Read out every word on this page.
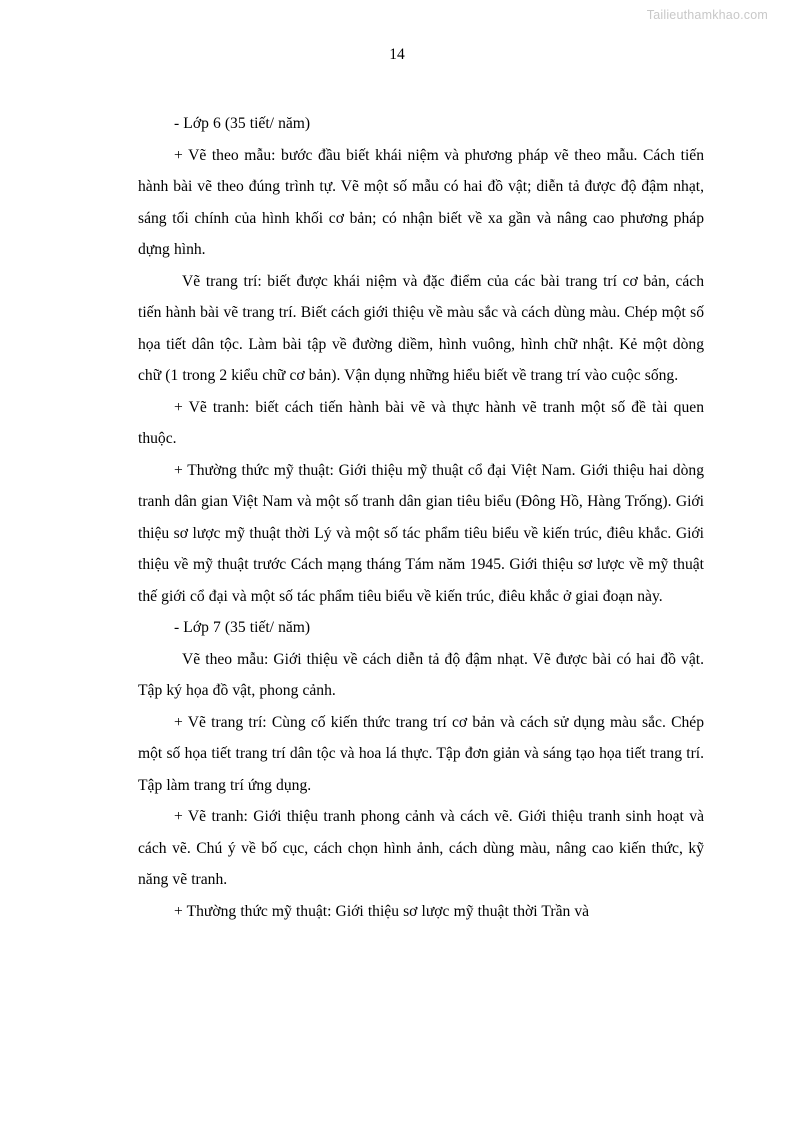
Tailieuthamkhao.com
14

- Lớp 6 (35 tiết/ năm)

+ Vẽ theo mẫu: bước đầu biết khái niệm và phương pháp vẽ theo mẫu. Cách tiến hành bài vẽ theo đúng trình tự. Vẽ một số mẫu có hai đồ vật; diễn tả được độ đậm nhạt, sáng tối chính của hình khối cơ bản; có nhận biết về xa gần và nâng cao phương pháp dựng hình.

Vẽ trang trí: biết được khái niệm và đặc điểm của các bài trang trí cơ bản, cách tiến hành bài vẽ trang trí. Biết cách giới thiệu về màu sắc và cách dùng màu. Chép một số họa tiết dân tộc. Làm bài tập về đường diềm, hình vuông, hình chữ nhật. Kẻ một dòng chữ (1 trong 2 kiểu chữ cơ bản). Vận dụng những hiểu biết về trang trí vào cuộc sống.

+ Vẽ tranh: biết cách tiến hành bài vẽ và thực hành vẽ tranh một số đề tài quen thuộc.

+ Thường thức mỹ thuật: Giới thiệu mỹ thuật cổ đại Việt Nam. Giới thiệu hai dòng tranh dân gian Việt Nam và một số tranh dân gian tiêu biểu (Đông Hồ, Hàng Trống). Giới thiệu sơ lược mỹ thuật thời Lý và một số tác phẩm tiêu biểu về kiến trúc, điêu khắc. Giới thiệu về mỹ thuật trước Cách mạng tháng Tám năm 1945. Giới thiệu sơ lược về mỹ thuật thế giới cổ đại và một số tác phẩm tiêu biểu về kiến trúc, điêu khắc ở giai đoạn này.

- Lớp 7 (35 tiết/ năm)

Vẽ theo mẫu: Giới thiệu về cách diễn tả độ đậm nhạt. Vẽ được bài có hai đồ vật. Tập ký họa đồ vật, phong cảnh.

+ Vẽ trang trí: Cùng cố kiến thức trang trí cơ bản và cách sử dụng màu sắc. Chép một số họa tiết trang trí dân tộc và hoa lá thực. Tập đơn giản và sáng tạo họa tiết trang trí. Tập làm trang trí ứng dụng.

+ Vẽ tranh: Giới thiệu tranh phong cảnh và cách vẽ. Giới thiệu tranh sinh hoạt và cách vẽ. Chú ý về bố cục, cách chọn hình ảnh, cách dùng màu, nâng cao kiến thức, kỹ năng vẽ tranh.

+ Thường thức mỹ thuật: Giới thiệu sơ lược mỹ thuật thời Trần và
